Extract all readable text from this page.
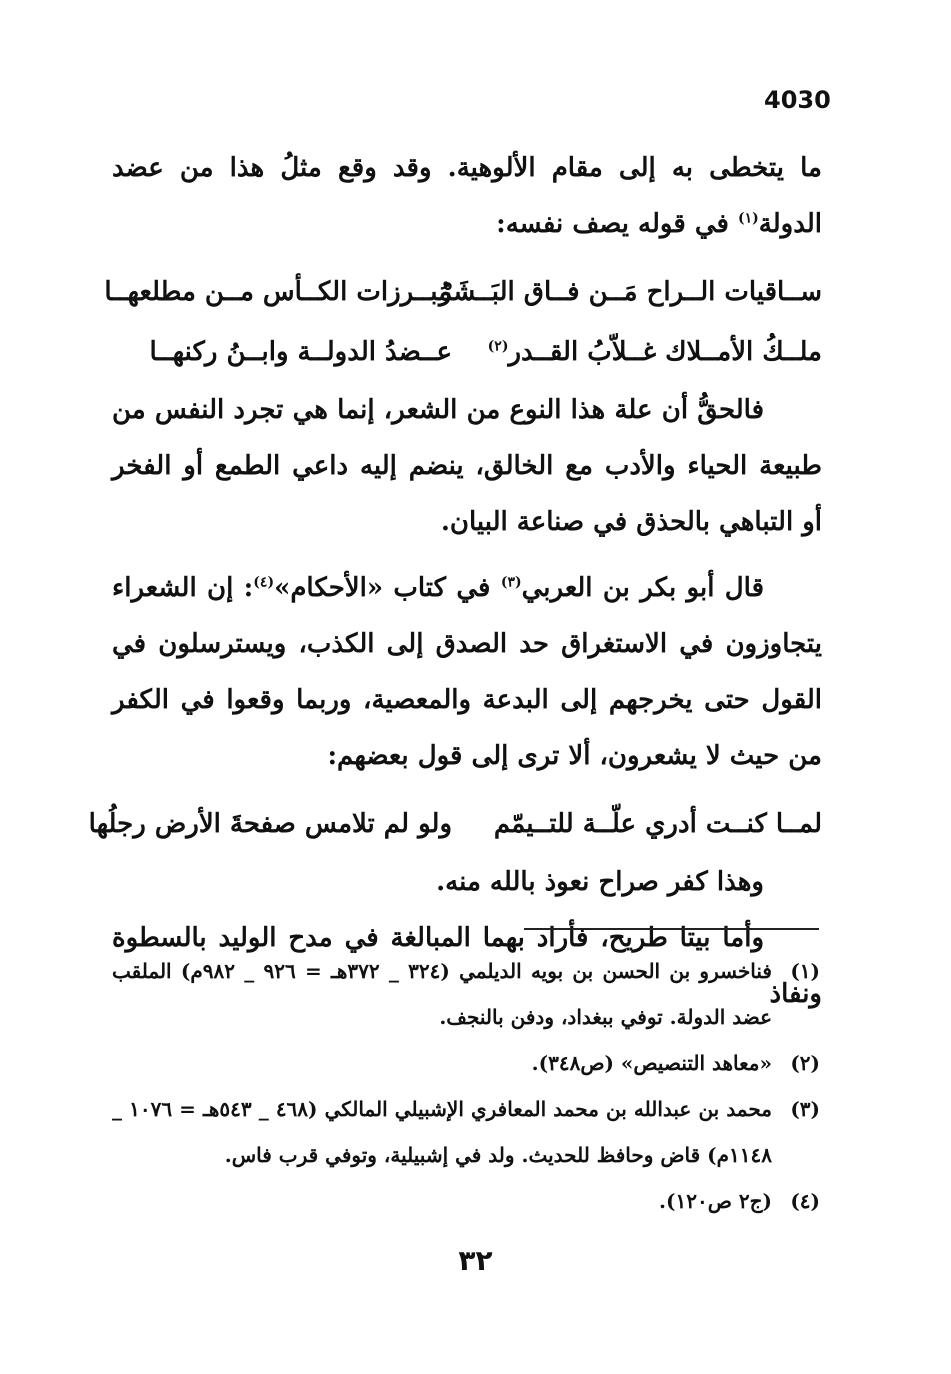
4030

ما يتخطى به إلى مقام الألوهية. وقد وقع مثلُ هذا من عضد الدولة$^{(١)}$ في قوله يصف نفسه:

ســاقيات الــراح مَــن فــاق البَــشَرْ
مُبــرزات الكــأس مــن مطلعهــا
ملــكُ الأمــلاك غــلاّبُ القــدر$^{(٢)}$
عــضدُ الدولــة وابــنُ ركنهــا

فالحقُّ أن علة هذا النوع من الشعر، إنما هي تجرد النفس من طبيعة الحياء والأدب مع الخالق، ينضم إليه داعي الطمع أو الفخر أو التباهي بالحذق في صناعة البيان.

قال أبو بكر بن العربي$^{(٣)}$ في كتاب «الأحكام»$^{(٤)}$: إن الشعراء يتجاوزون في الاستغراق حد الصدق إلى الكذب، ويسترسلون في القول حتى يخرجهم إلى البدعة والمعصية، وربما وقعوا في الكفر من حيث لا يشعرون، ألا ترى إلى قول بعضهم:

لمــا كنــت أدري علّــة للتــيمّم
ولو لم تلامس صفحةَ الأرض رجلُها

وهذا كفر صراح نعوذ بالله منه.

وأما بيتا طريح، فأراد بهما المبالغة في مدح الوليد بالسطوة ونفاذ

(١)
فناخسرو بن الحسن بن بويه الديلمي (٣٢٤ _ ٣٧٢هـ = ٩٢٦ _ ٩٨٢م) الملقب عضد الدولة. توفي ببغداد، ودفن بالنجف.
(٢)
«معاهد التنصيص» (ص٣٤٨).
(٣)
محمد بن عبدالله بن محمد المعافري الإشبيلي المالكي (٤٦٨ _ ٥٤٣هـ = ١٠٧٦ _ ١١٤٨م) قاض وحافظ للحديث. ولد في إشبيلية، وتوفي قرب فاس.
(٤)
(ج٢ ص١٢٠).
٣٢
